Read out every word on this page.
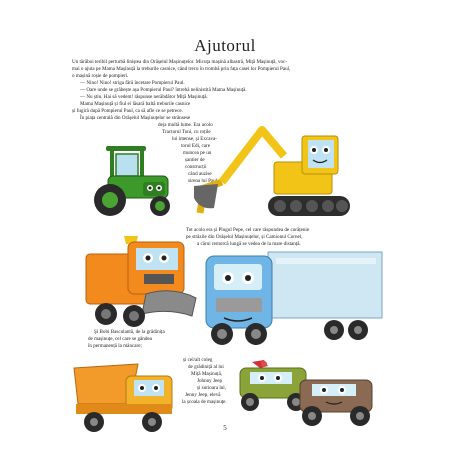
Ajutorul
Un tărăboi teribil perturbă liniștea din Orășelul Mașinuțelor. Micuța mașină albastră, Mițã Mașinuță, voc-
mai o ajuta pe Mama Mașinuță la treburile casnice, când trecu în trombă prin fața casei lor Pompierul Paul,
o mașină roșie de pompieri.
— Nino! Nino! striga fără încetare Pompierul Paul.
— Oare unde se grăbește așa Pompierul Paul? întrebă nelinistită Mama Mașinuță.
— Nu știu. Hai să vedem! răspunse nerăbdător Mițã Mașinuță.
Mama Mașinuță și fiul ei lăsară baltă treburile casnice
și fugiră după Pompierul Paul, ca să afle ce se petrece.
În piața centrală din Orășelul Mașinuțelor se strânsese
deja multă lume. Era acolo
Tractorul Toni, cu roțile
lui imense, și Excava-
torul Edi, care
muncea pe un
șantier de
construcții
când auzise
sirena lui Paul.
Tot acolo era și Plugul Pepe, cel care răspundea de curățenie
pe străzile din Orășelul Mașinuțelor, și Camionul Cornel,
a cărui remorcă lungă se vedea de la mare distanță.
Și Bobi Basculantă, de la grădinița
de mașinuțe, cel care se gândea
în permanență la mâncare;
și cel/alt coleg
de grădiniță al lui
Mițã Mașinuță,
Johnny Jeep
și surioara lui,
Jenny Jeep, elevă
la școala de mașinuțe.
5
